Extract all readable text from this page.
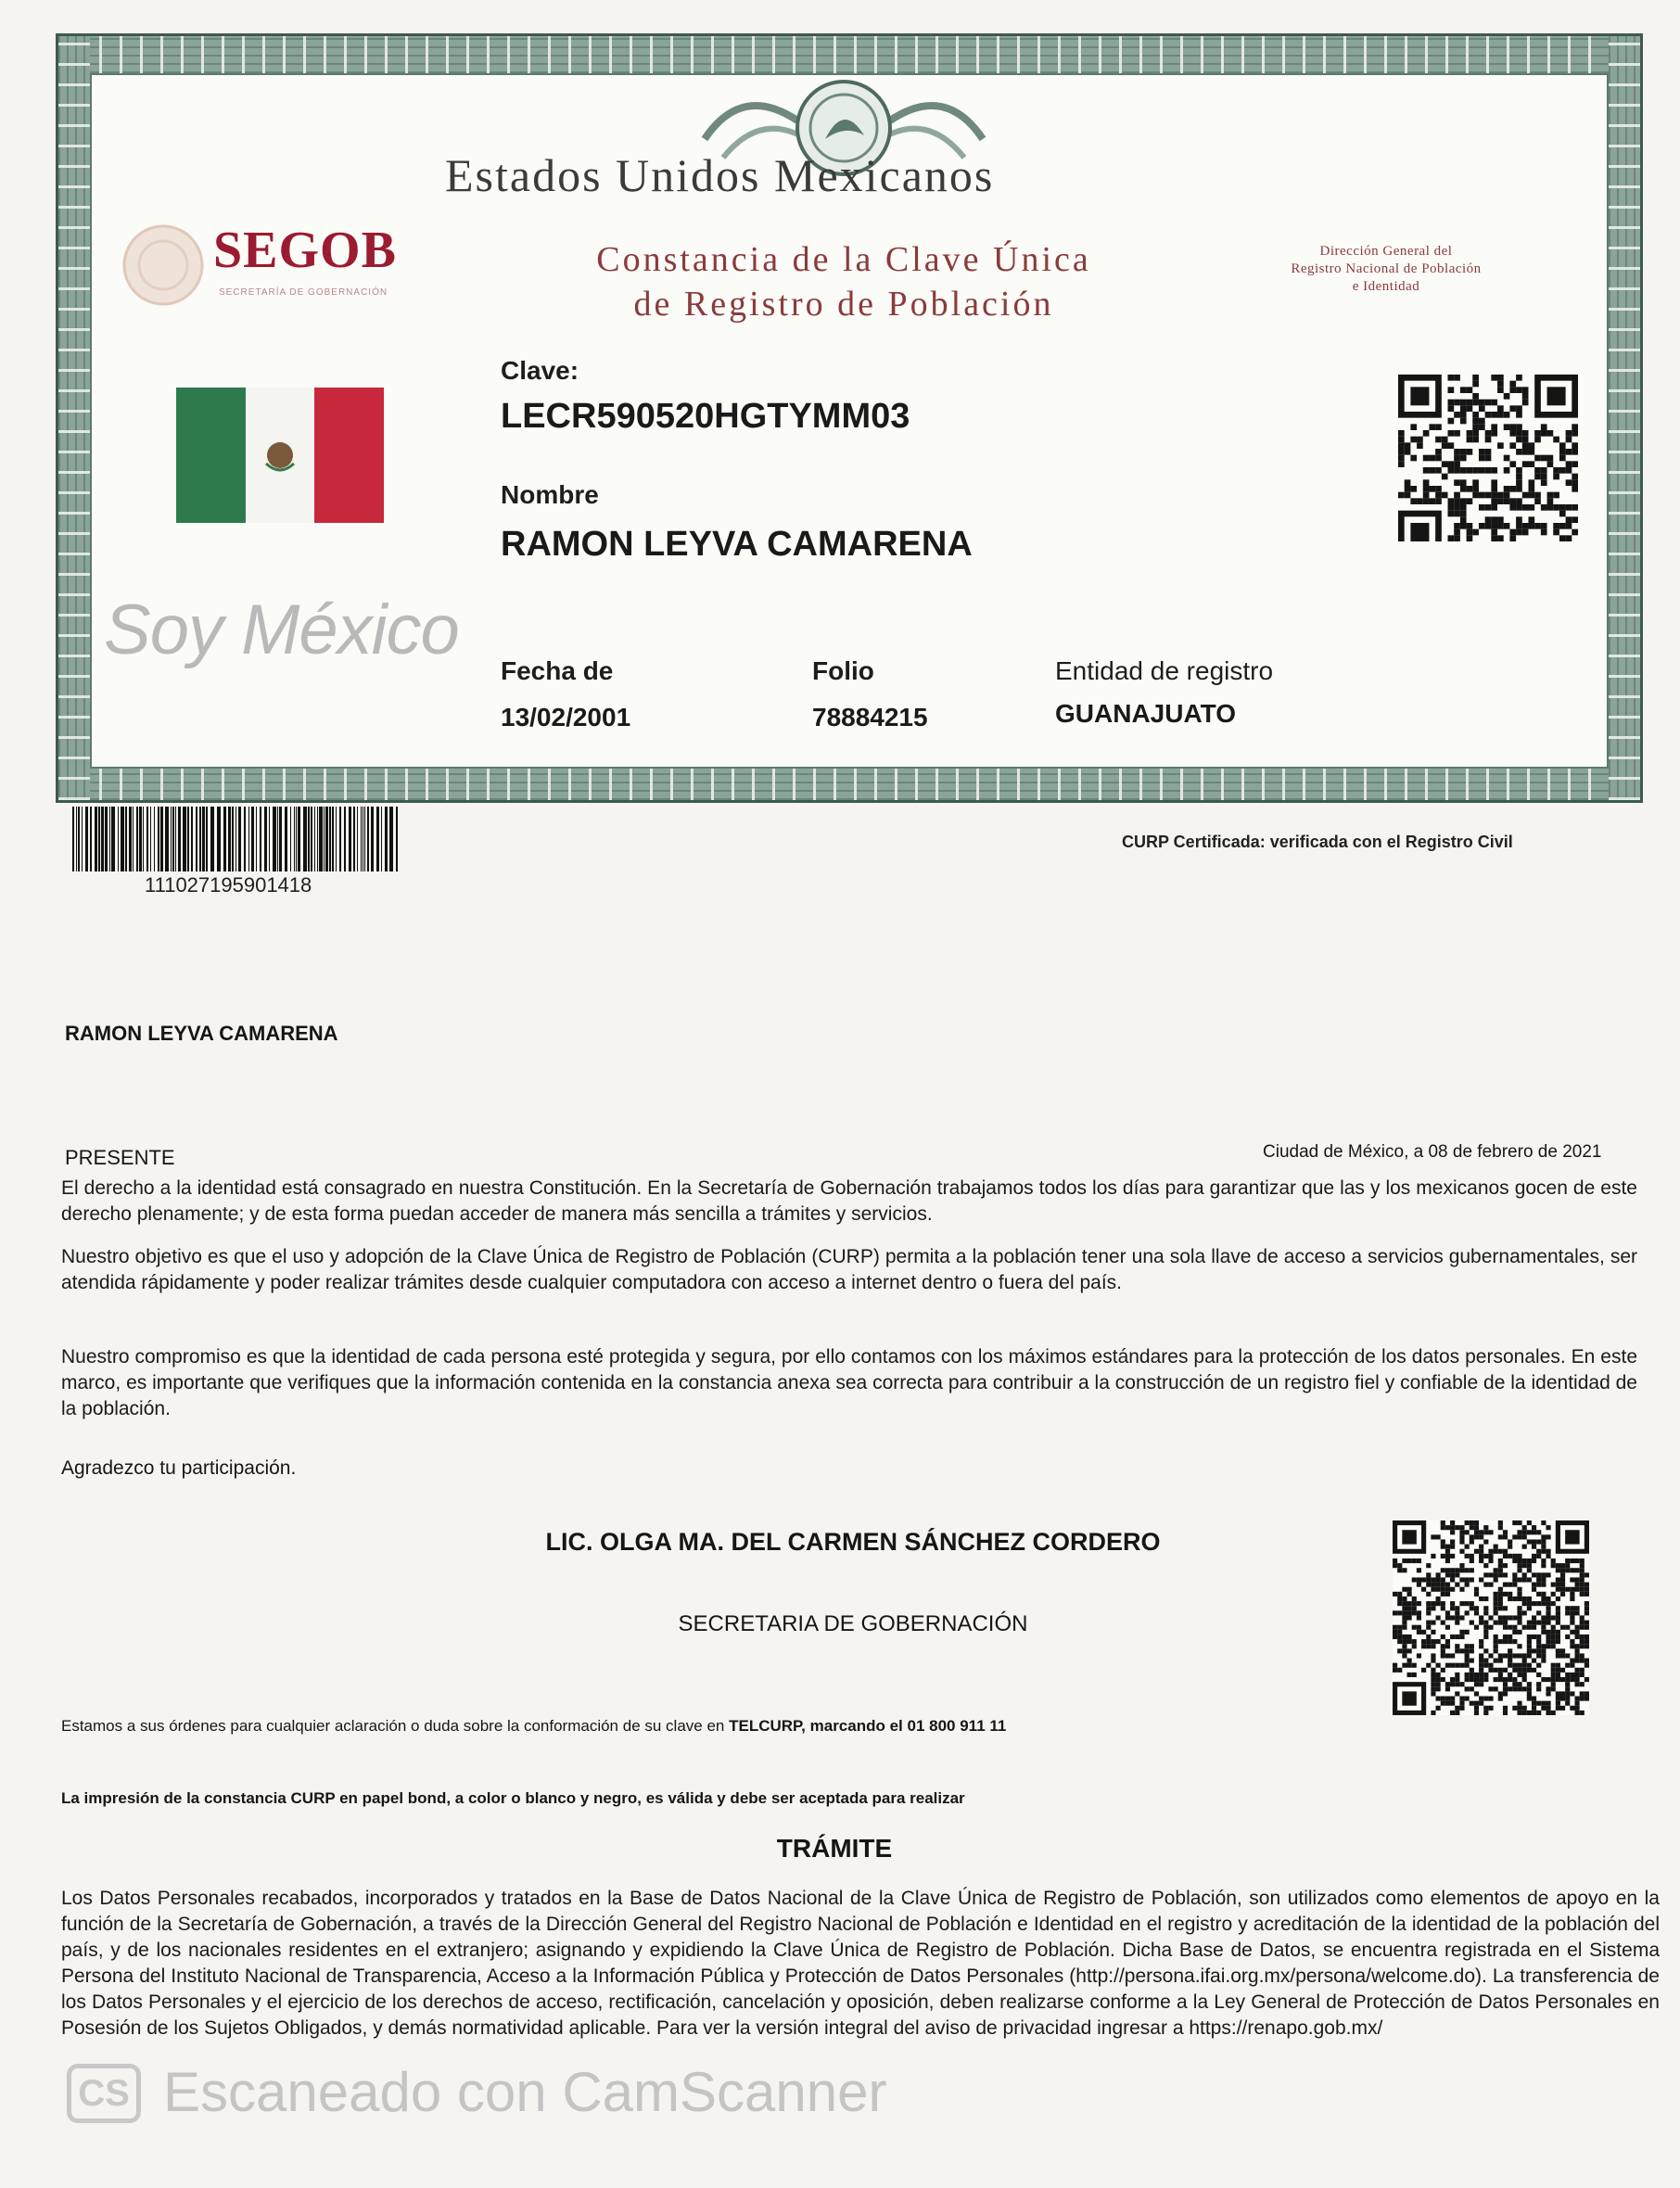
SEGOB
SECRETARÍA DE GOBERNACIÓN
Estados Unidos Mexicanos
Constancia de la Clave Única
de Registro de Población
Dirección General del
Registro Nacional de Población
e Identidad
Soy México
Clave:
LECR590520HGTYMM03
Nombre
RAMON LEYVA CAMARENA
Fecha de
13/02/2001
Folio
78884215
Entidad de registro
GUANAJUATO
111027195901418
CURP Certificada: verificada con el Registro Civil
RAMON LEYVA CAMARENA
PRESENTE	Ciudad de México, a 08 de febrero de 2021
El derecho a la identidad está consagrado en nuestra Constitución. En la Secretaría de Gobernación trabajamos todos los días para garantizar que las y los mexicanos gocen de este derecho plenamente; y de esta forma puedan acceder de manera más sencilla a trámites y servicios.
Nuestro objetivo es que el uso y adopción de la Clave Única de Registro de Población (CURP) permita a la población tener una sola llave de acceso a servicios gubernamentales, ser atendida rápidamente y poder realizar trámites desde cualquier computadora con acceso a internet dentro o fuera del país.
Nuestro compromiso es que la identidad de cada persona esté protegida y segura, por ello contamos con los máximos estándares para la protección de los datos personales. En este marco, es importante que verifiques que la información contenida en la constancia anexa sea correcta para contribuir a la construcción de un registro fiel y confiable de la identidad de la población.
Agradezco tu participación.
LIC. OLGA MA. DEL CARMEN SÁNCHEZ CORDERO
SECRETARIA DE GOBERNACIÓN
Estamos a sus órdenes para cualquier aclaración o duda sobre la conformación de su clave en TELCURP, marcando el 01 800 911 11
La impresión de la constancia CURP en papel bond, a color o blanco y negro, es válida y debe ser aceptada para realizar
TRÁMITE
Los Datos Personales recabados, incorporados y tratados en la Base de Datos Nacional de la Clave Única de Registro de Población, son utilizados como elementos de apoyo en la función de la Secretaría de Gobernación, a través de la Dirección General del Registro Nacional de Población e Identidad en el registro y acreditación de la identidad de la población del país, y de los nacionales residentes en el extranjero; asignando y expidiendo la Clave Única de Registro de Población. Dicha Base de Datos, se encuentra registrada en el Sistema Persona del Instituto Nacional de Transparencia, Acceso a la Información Pública y Protección de Datos Personales (http://persona.ifai.org.mx/persona/welcome.do). La transferencia de los Datos Personales y el ejercicio de los derechos de acceso, rectificación, cancelación y oposición, deben realizarse conforme a la Ley General de Protección de Datos Personales en Posesión de los Sujetos Obligados, y demás normatividad aplicable. Para ver la versión integral del aviso de privacidad ingresar a https://renapo.gob.mx/
CS Escaneado con CamScanner
